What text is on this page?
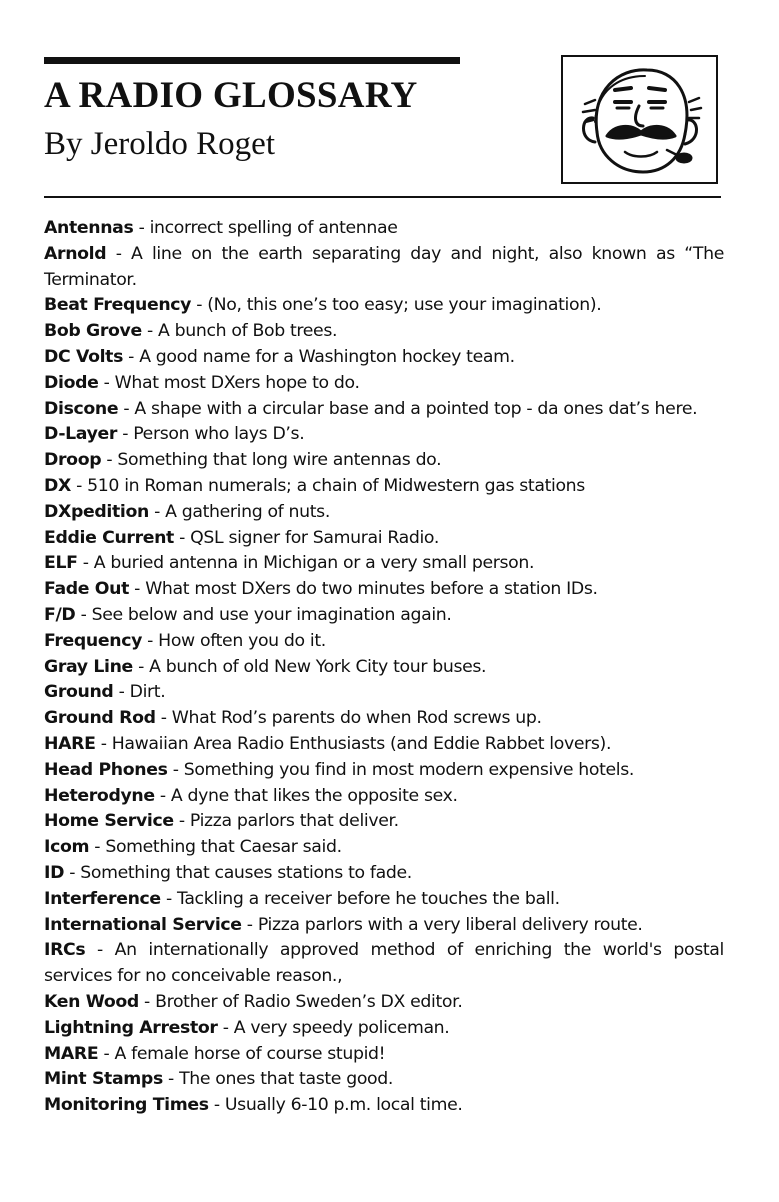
A RADIO GLOSSARY

By Jeroldo Roget

Antennas - incorrect spelling of antennae
Arnold - A line on the earth separating day and night, also known as “The Terminator.
Beat Frequency - (No, this one’s too easy; use your imagination).
Bob Grove - A bunch of Bob trees.
DC Volts - A good name for a Washington hockey team.
Diode - What most DXers hope to do.
Discone - A shape with a circular base and a pointed top - da ones dat’s here.
D-Layer - Person who lays D’s.
Droop - Something that long wire antennas do.
DX - 510 in Roman numerals; a chain of Midwestern gas stations
DXpedition - A gathering of nuts.
Eddie Current - QSL signer for Samurai Radio.
ELF - A buried antenna in Michigan or a very small person.
Fade Out - What most DXers do two minutes before a station IDs.
F/D - See below and use your imagination again.
Frequency - How often you do it.
Gray Line - A bunch of old New York City tour buses.
Ground - Dirt.
Ground Rod - What Rod’s parents do when Rod screws up.
HARE - Hawaiian Area Radio Enthusiasts (and Eddie Rabbet lovers).
Head Phones - Something you find in most modern expensive hotels.
Heterodyne - A dyne that likes the opposite sex.
Home Service - Pizza parlors that deliver.
Icom - Something that Caesar said.
ID - Something that causes stations to fade.
Interference - Tackling a receiver before he touches the ball.
International Service - Pizza parlors with a very liberal delivery route.
IRCs - An internationally approved method of enriching the world's postal services for no conceivable reason.,
Ken Wood - Brother of Radio Sweden’s DX editor.
Lightning Arrestor - A very speedy policeman.
MARE - A female horse of course stupid!
Mint Stamps - The ones that taste good.
Monitoring Times - Usually 6-10 p.m. local time.
